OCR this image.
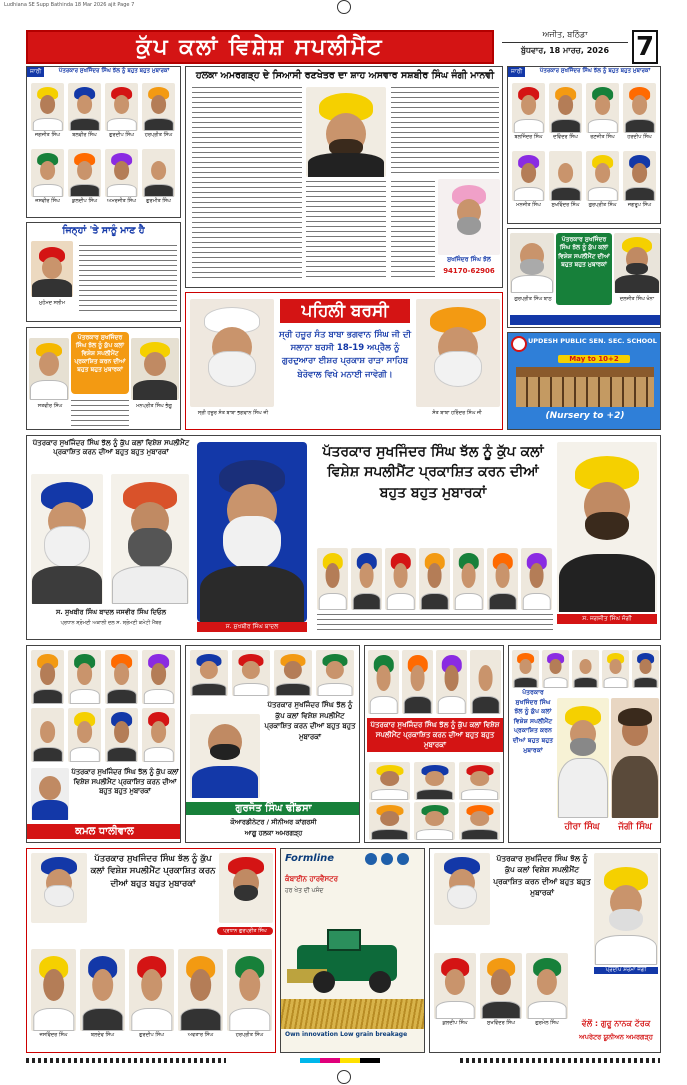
Ludhiana SE Supp Bathinda 18 Mar 2026 ajit Page 7
ਕੁੱਪ ਕਲਾਂ ਵਿਸ਼ੇਸ਼ ਸਪਲੀਮੈਂਟ
ਅਜੀਤ, ਬਠਿੰਡਾ
ਬੁੱਧਵਾਰ, 18 ਮਾਰਚ, 2026	7
ਜਾਰੀ	ਪੱਤਰਕਾਰ ਸੁਖਜਿੰਦਰ ਸਿੰਘ ਝੱਲ ਨੂੰ ਬਹੁਤ ਬਹੁਤ ਮੁਬਾਰਕਾਂ
ਜਗਜੀਤ ਸਿੰਘ	ਬਲਵੀਰ ਸਿੰਘ	ਗੁਰਦੀਪ ਸਿੰਘ	ਹਰਪ੍ਰੀਤ ਸਿੰਘ
ਜਸਵੀਰ ਸਿੰਘ	ਕੁਲਦੀਪ ਸਿੰਘ	ਅਮਰਜੀਤ ਸਿੰਘ	ਗੁਰਮੀਤ ਸਿੰਘ
ਜਿਨ੍ਹਾਂ 'ਤੇ ਸਾਨੂੰ ਮਾਣ ਹੈ
ਮੁਹੰਮਦ ਸਲੀਮ
ਪੱਤਰਕਾਰ ਸੁਖਜਿੰਦਰ ਸਿੰਘ ਝੱਲ ਨੂੰ ਕੁੱਪ ਕਲਾਂ ਵਿਸ਼ੇਸ਼ ਸਪਲੀਮੈਂਟ ਪ੍ਰਕਾਸ਼ਿਤ ਕਰਨ ਦੀਆਂ ਬਹੁਤ ਬਹੁਤ ਮੁਬਾਰਕਾਂ
ਸਤਵੀਰ ਸਿੰਘ	ਮਨਪ੍ਰੀਤ ਸਿੰਘ ਭੰਗੂ
ਹਲਕਾ ਅਮਰਗੜ੍ਹ ਦੇ ਸਿਆਸੀ ਰਣਖੇਤਰ ਦਾ ਸ਼ਾਹ ਅਸਵਾਰ ਸਸ਼ਬੀਰ ਸਿੰਘ ਜੰਗੀ ਮਾਨਵੀ
ਸੁਖਜਿੰਦਰ ਸਿੰਘ ਝੱਲ
94170-62906
ਜਾਰੀ	ਪੱਤਰਕਾਰ ਸੁਖਜਿੰਦਰ ਸਿੰਘ ਝੱਲ ਨੂੰ ਬਹੁਤ ਬਹੁਤ ਮੁਬਾਰਕਾਂ
ਬਲਜਿੰਦਰ ਸਿੰਘ	ਦਵਿੰਦਰ ਸਿੰਘ	ਰਣਜੀਤ ਸਿੰਘ	ਹਰਦੀਪ ਸਿੰਘ
ਮਨਜੀਤ ਸਿੰਘ	ਸੁਖਵਿੰਦਰ ਸਿੰਘ	ਗੁਰਪ੍ਰੀਤ ਸਿੰਘ	ਜਗਰੂਪ ਸਿੰਘ
ਪੱਤਰਕਾਰ ਸੁਖਜਿੰਦਰ ਸਿੰਘ ਝੱਲ ਨੂੰ ਕੁੱਪ ਕਲਾਂ ਵਿਸ਼ੇਸ਼ ਸਪਲੀਮੈਂਟ ਦੀਆਂ ਬਹੁਤ ਬਹੁਤ ਮੁਬਾਰਕਾਂ
ਗੁਰਪ੍ਰੀਤ ਸਿੰਘ ਬਾਠ	ਦਲਜੀਤ ਸਿੰਘ ਖੰਨਾ
UPDESH PUBLIC SEN. SEC. SCHOOL
May to 10+2
(Nursery to +2)
ਪਹਿਲੀ ਬਰਸੀ
ਸ੍ਰੀ ਹਜ਼ੂਰ ਸੰਤ ਬਾਬਾ ਭਗਵਾਨ ਸਿੰਘ ਜੀ ਦੀ ਸਲਾਨਾ ਬਰਸੀ 18-19 ਅਪ੍ਰੈਲ ਨੂੰ ਗੁਰਦੁਆਰਾ ਈਸ਼ਰ ਪ੍ਰਕਾਸ਼ ਰਾੜਾ ਸਾਹਿਬ ਬੇਰੋਵਾਲ ਵਿਖੇ ਮਨਾਈ ਜਾਵੇਗੀ।
ਸ੍ਰੀ ਹਜ਼ੂਰ ਸੰਤ ਬਾਬਾ ਭਗਵਾਨ ਸਿੰਘ ਜੀ	ਸੰਤ ਬਾਬਾ ਹਰਿੰਦਰ ਸਿੰਘ ਜੀ
ਪੱਤਰਕਾਰ ਸੁਖਜਿੰਦਰ ਸਿੰਘ ਝੱਲ ਨੂੰ ਕੁੱਪ ਕਲਾਂ ਵਿਸ਼ੇਸ਼ ਸਪਲੀਮੈਂਟ ਪ੍ਰਕਾਸ਼ਿਤ ਕਰਨ ਦੀਆਂ ਬਹੁਤ ਬਹੁਤ ਮੁਬਾਰਕਾਂ
ਸ. ਸੁਖਬੀਰ ਸਿੰਘ ਬਾਦਲ ਜਸਵੀਰ ਸਿੰਘ ਦਿਓਲ
ਪ੍ਰਧਾਨ ਸ਼੍ਰੋਮਣੀ ਅਕਾਲੀ ਦਲ ਸ. ਸ਼੍ਰੋਮਣੀ ਕਮੇਟੀ ਮੈਂਬਰ	ਸ. ਸੁਖਬੀਰ ਸਿੰਘ ਬਾਦਲ
ਪੱਤਰਕਾਰ ਸੁਖਜਿੰਦਰ ਸਿੰਘ ਝੱਲ ਨੂੰ ਕੁੱਪ ਕਲਾਂ ਵਿਸ਼ੇਸ਼ ਸਪਲੀਮੈਂਟ ਪ੍ਰਕਾਸ਼ਿਤ ਕਰਨ ਦੀਆਂ ਬਹੁਤ ਬਹੁਤ ਮੁਬਾਰਕਾਂ
ਸ. ਜਗਜੀਤ ਸਿੰਘ ਜੱਗੀ
ਪੱਤਰਕਾਰ ਸੁਖਜਿੰਦਰ ਸਿੰਘ ਝੱਲ ਨੂੰ ਕੁੱਪ ਕਲਾਂ ਵਿਸ਼ੇਸ਼ ਸਪਲੀਮੈਂਟ ਪ੍ਰਕਾਸ਼ਿਤ ਕਰਨ ਦੀਆਂ ਬਹੁਤ ਬਹੁਤ ਮੁਬਾਰਕਾਂ
ਕਮਲ ਧਾਲੀਵਾਲ
ਪੱਤਰਕਾਰ ਸੁਖਜਿੰਦਰ ਸਿੰਘ ਝੱਲ ਨੂੰ ਕੁੱਪ ਕਲਾਂ ਵਿਸ਼ੇਸ਼ ਸਪਲੀਮੈਂਟ ਪ੍ਰਕਾਸ਼ਿਤ ਕਰਨ ਦੀਆਂ ਬਹੁਤ ਬਹੁਤ ਮੁਬਾਰਕਾਂ
ਗੁਰਜੋਤ ਸਿੰਘ ਢੀਂਡਸਾ
ਕੋਆਰਡੀਨੇਟਰ / ਸੀਨੀਅਰ ਕਾਂਗਰਸੀ
ਆਗੂ ਹਲਕਾ ਅਮਰਗੜ੍ਹ
ਪੱਤਰਕਾਰ ਸੁਖਜਿੰਦਰ ਸਿੰਘ ਝੱਲ ਨੂੰ ਕੁੱਪ ਕਲਾਂ ਵਿਸ਼ੇਸ਼ ਸਪਲੀਮੈਂਟ ਪ੍ਰਕਾਸ਼ਿਤ ਕਰਨ ਦੀਆਂ ਬਹੁਤ ਬਹੁਤ ਮੁਬਾਰਕਾਂ
ਪੱਤਰਕਾਰ ਸੁਖਜਿੰਦਰ ਸਿੰਘ ਝੱਲ ਨੂੰ ਕੁੱਪ ਕਲਾਂ ਵਿਸ਼ੇਸ਼ ਸਪਲੀਮੈਂਟ ਪ੍ਰਕਾਸ਼ਿਤ ਕਰਨ ਦੀਆਂ ਬਹੁਤ ਬਹੁਤ ਮੁਬਾਰਕਾਂ
ਹੀਰਾ ਸਿੰਘ	ਜੱਗੀ ਸਿੰਘ
ਪੱਤਰਕਾਰ ਸੁਖਜਿੰਦਰ ਸਿੰਘ ਝੱਲ ਨੂੰ ਕੁੱਪ ਕਲਾਂ ਵਿਸ਼ੇਸ਼ ਸਪਲੀਮੈਂਟ ਪ੍ਰਕਾਸ਼ਿਤ ਕਰਨ ਦੀਆਂ ਬਹੁਤ ਬਹੁਤ ਮੁਬਾਰਕਾਂ
ਪ੍ਰਧਾਨ ਗੁਰਪ੍ਰੀਤ ਸਿੰਘ
ਜਸਵਿੰਦਰ ਸਿੰਘ	ਬਲਦੇਵ ਸਿੰਘ	ਗੁਰਦੀਪ ਸਿੰਘ	ਅਵਤਾਰ ਸਿੰਘ	ਹਰਪ੍ਰੀਤ ਸਿੰਘ
Formline
ਕੰਬਾਈਨ ਹਾਰਵੈਸਟਰ
ਹਰ ਖੇਤ ਦੀ ਪਸੰਦ
Own innovation Low grain breakage
ਪੱਤਰਕਾਰ ਸੁਖਜਿੰਦਰ ਸਿੰਘ ਝੱਲ ਨੂੰ ਕੁੱਪ ਕਲਾਂ ਵਿਸ਼ੇਸ਼ ਸਪਲੀਮੈਂਟ ਪ੍ਰਕਾਸ਼ਿਤ ਕਰਨ ਦੀਆਂ ਬਹੁਤ ਬਹੁਤ ਮੁਬਾਰਕਾਂ
ਪ੍ਰਦੀਪ ਸ਼ਰਮਾ ਜੰਗੀ
ਵੱਲੋਂ : ਗੁਰੂ ਨਾਨਕ ਟੱਰਕ
ਅਪਰੇਟਰ ਯੂਨੀਅਨ ਅਮਰਗੜ੍ਹ
ਕੁਲਦੀਪ ਸਿੰਘ	ਸੁਖਵਿੰਦਰ ਸਿੰਘ	ਗੁਰਮੇਲ ਸਿੰਘ
